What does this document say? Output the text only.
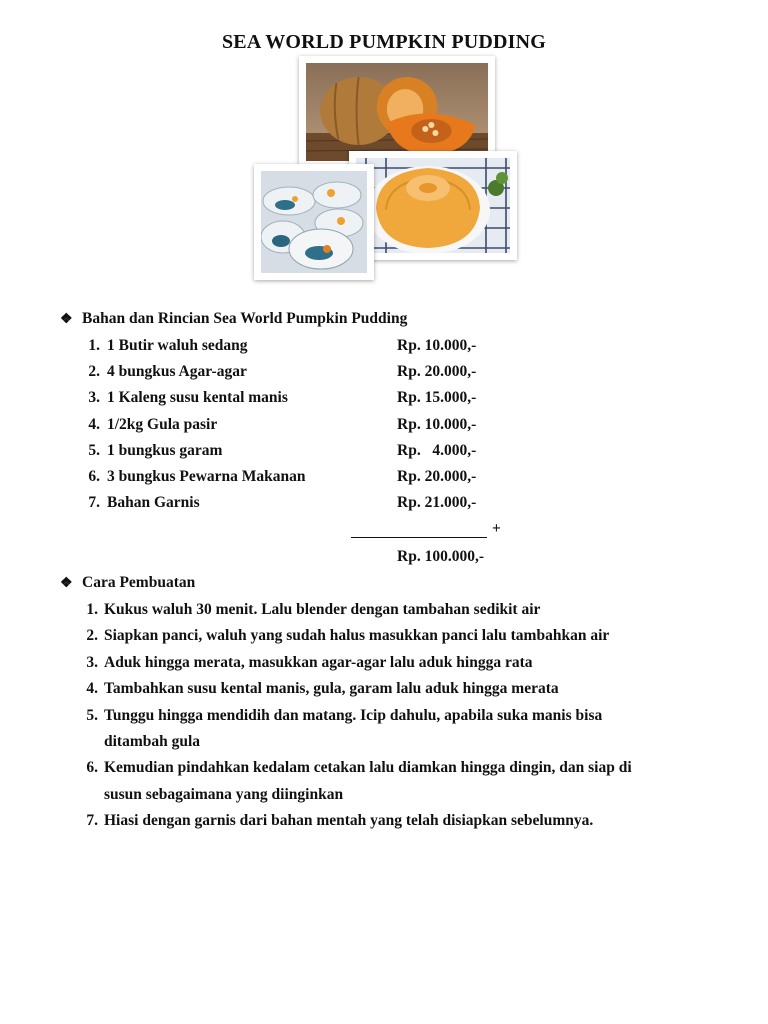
SEA WORLD PUMPKIN PUDDING
❖ Bahan dan Rincian Sea World Pumpkin Pudding
1. 1 Butir waluh sedang	Rp. 10.000,-
2. 4 bungkus Agar-agar	Rp. 20.000,-
3. 1 Kaleng susu kental manis	Rp. 15.000,-
4. 1/2kg Gula pasir	Rp. 10.000,-
5. 1 bungkus garam	Rp.   4.000,-
6. 3 bungkus Pewarna Makanan	Rp. 20.000,-
7. Bahan Garnis	Rp. 21.000,-
+
Rp. 100.000,-
❖ Cara Pembuatan
1. Kukus waluh 30 menit. Lalu blender dengan tambahan sedikit air
2. Siapkan panci, waluh yang sudah halus masukkan panci lalu tambahkan air
3. Aduk hingga merata, masukkan agar-agar lalu aduk hingga rata
4. Tambahkan susu kental manis, gula, garam lalu aduk hingga merata
5. Tunggu hingga mendidih dan matang. Icip dahulu, apabila suka manis bisa
ditambah gula
6. Kemudian pindahkan kedalam cetakan lalu diamkan hingga dingin, dan siap di
susun sebagaimana yang diinginkan
7. Hiasi dengan garnis dari bahan mentah yang telah disiapkan sebelumnya.
